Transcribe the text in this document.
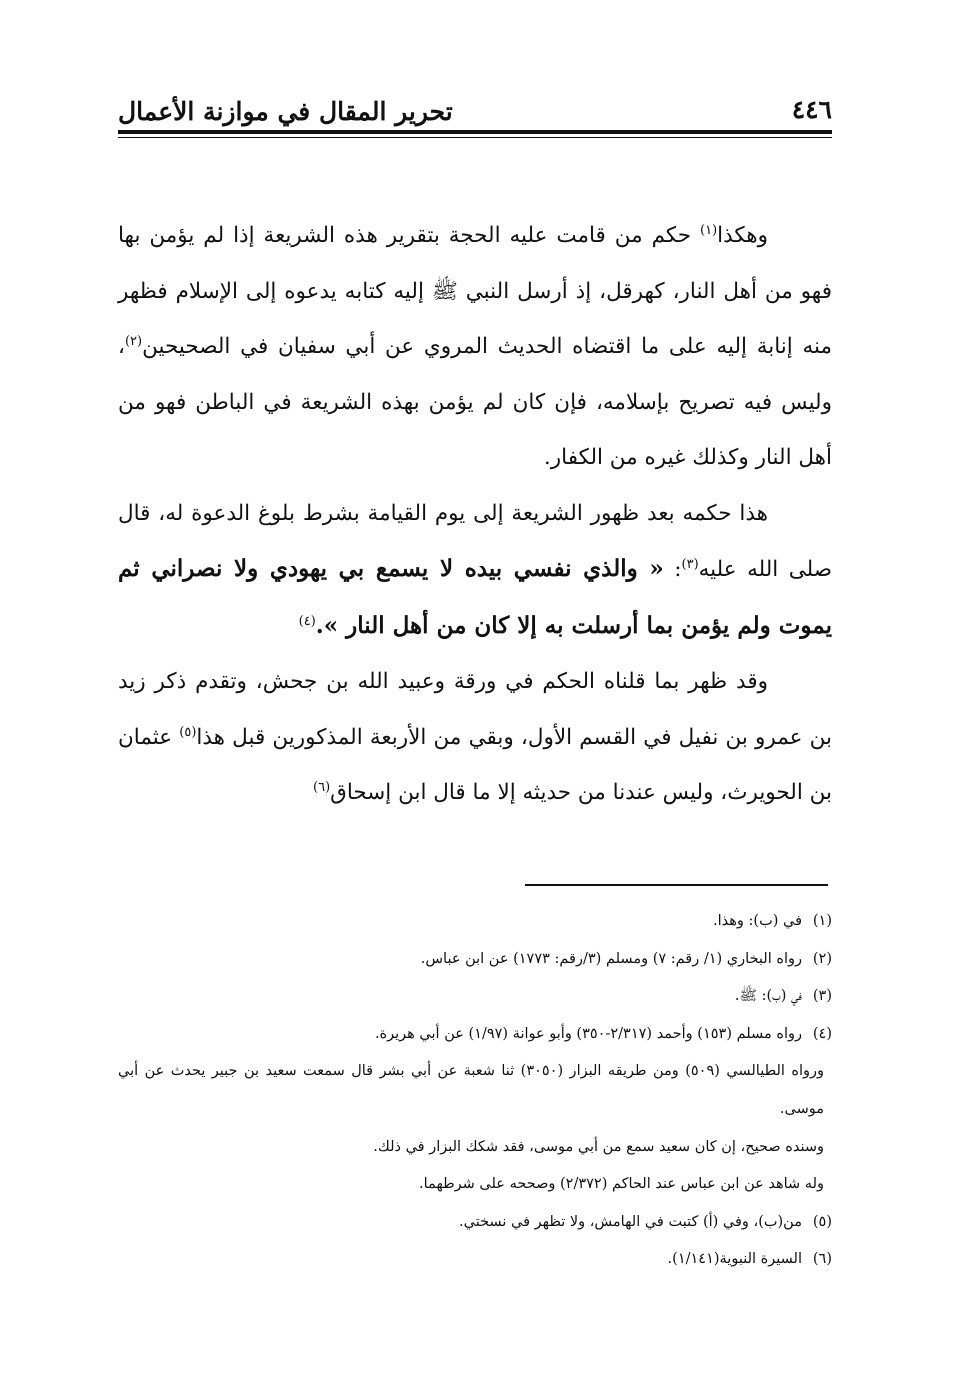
٤٤٦
تحرير المقال في موازنة الأعمال

وهكذا$^{(١)}$ حكم من قامت عليه الحجة بتقرير هذه الشريعة إذا لم يؤمن بها فهو من أهل النار، كهرقل، إذ أرسل النبي ﷺ إليه كتابه يدعوه إلى الإسلام فظهر منه إنابة إليه على ما اقتضاه الحديث المروي عن أبي سفيان في الصحيحين$^{(٢)}$، وليس فيه تصريح بإسلامه، فإن كان لم يؤمن بهذه الشريعة في الباطن فهو من أهل النار وكذلك غيره من الكفار.

هذا حكمه بعد ظهور الشريعة إلى يوم القيامة بشرط بلوغ الدعوة له، قال صلى الله عليه$^{(٣)}$: « والذي نفسي بيده لا يسمع بي يهودي ولا نصراني ثم يموت ولم يؤمن بما أرسلت به إلا كان من أهل النار ».$^{(٤)}$

وقد ظهر بما قلناه الحكم في ورقة وعبيد الله بن جحش، وتقدم ذكر زيد بن عمرو بن نفيل في القسم الأول، وبقي من الأربعة المذكورين قبل هذا$^{(٥)}$ عثمان بن الحويرث، وليس عندنا من حديثه إلا ما قال ابن إسحاق$^{(٦)}$

(١)في (ب): وهذا.

(٢)رواه البخاري (١/ رقم: ٧) ومسلم (٣/رقم: ١٧٧٣) عن ابن عباس.

(٣)في (ب): ﷺ.

(٤)رواه مسلم (١٥٣) وأحمد (٢/٣١٧-٣٥٠) وأبو عوانة (١/٩٧) عن أبي هريرة.

ورواه الطيالسي (٥٠٩) ومن طريقه البزار (٣٠٥٠) ثنا شعبة عن أبي بشر قال سمعت سعيد بن جبير يحدث عن أبي موسى.

وسنده صحيح، إن كان سعيد سمع من أبي موسى، فقد شكك البزار في ذلك.

وله شاهد عن ابن عباس عند الحاكم (٢/٣٧٢) وصححه على شرطهما.

(٥)من(ب)، وفي (أ) كتبت في الهامش، ولا تظهر في نسختي.

(٦)السيرة النبوية(١/١٤١).
